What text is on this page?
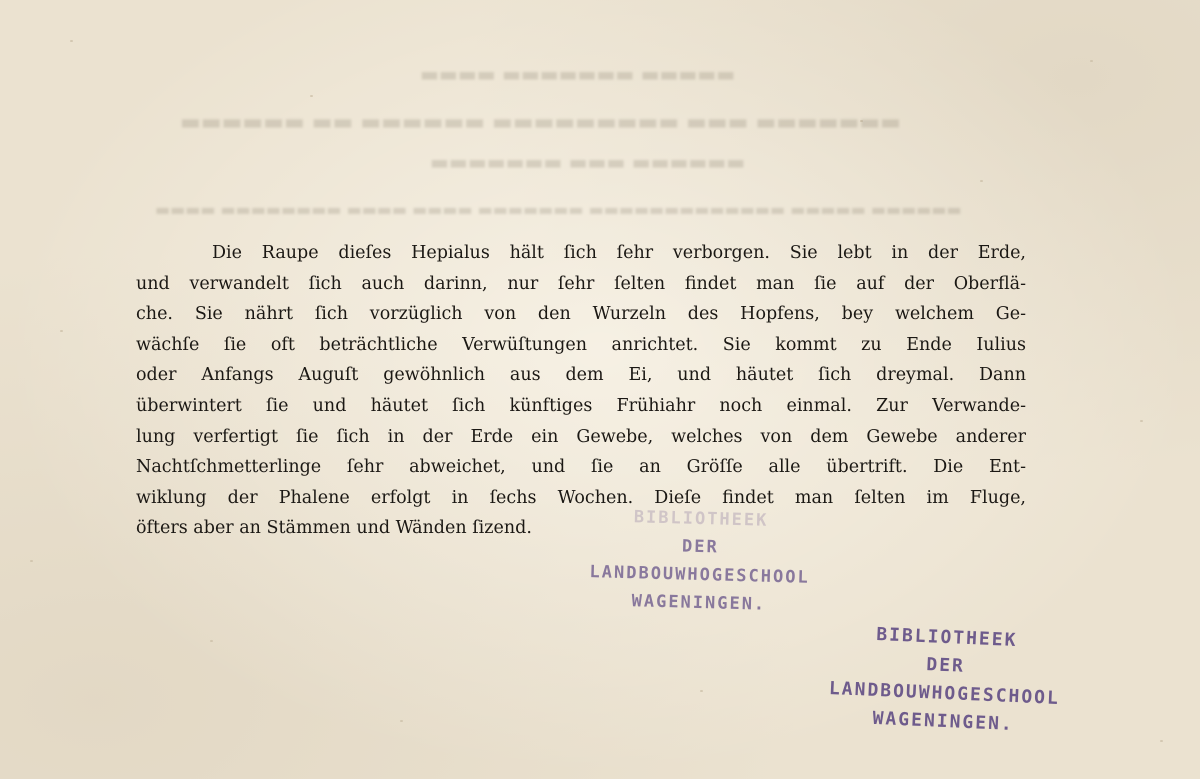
▬▬▬▬▬ ▬▬▬▬▬▬▬ ▬▬▬▬
▬▬▬▬▬▬▬ ▬▬▬ ▬▬▬▬▬▬▬▬▬ ▬▬▬▬▬▬ ▬▬ ▬▬▬▬▬▬
▬▬▬▬▬▬ ▬▬▬ ▬▬▬▬▬▬▬
▬▬▬▬▬▬ ▬▬▬▬▬ ▬▬▬▬▬▬▬▬▬▬▬▬▬ ▬▬▬▬▬▬▬ ▬▬▬▬ ▬▬▬▬ ▬▬▬▬▬▬▬▬ ▬▬▬▬
Die Raupe dieſes Hepialus hält ſich ſehr verborgen. Sie lebt in der Erde,
und verwandelt ſich auch darinn, nur ſehr ſelten findet man ſie auf der Oberflä-
che. Sie nährt ſich vorzüglich von den Wurzeln des Hopfens, bey welchem Ge-
wächſe ſie oft beträchtliche Verwüſtungen anrichtet. Sie kommt zu Ende Iulius
oder Anfangs Auguſt gewöhnlich aus dem Ei, und häutet ſich dreymal. Dann
überwintert ſie und häutet ſich künftiges Frühiahr noch einmal. Zur Verwande-
lung verfertigt ſie ſich in der Erde ein Gewebe, welches von dem Gewebe anderer
Nachtſchmetterlinge ſehr abweichet, und ſie an Gröſſe alle übertrift. Die Ent-
wiklung der Phalene erfolgt in ſechs Wochen. Dieſe findet man ſelten im Fluge,
öfters aber an Stämmen und Wänden ſizend.	BIBLIOTHEEK
DER
LANDBOUWHOGESCHOOL
WAGENINGEN.
BIBLIOTHEEK
DER
LANDBOUWHOGESCHOOL
WAGENINGEN.
